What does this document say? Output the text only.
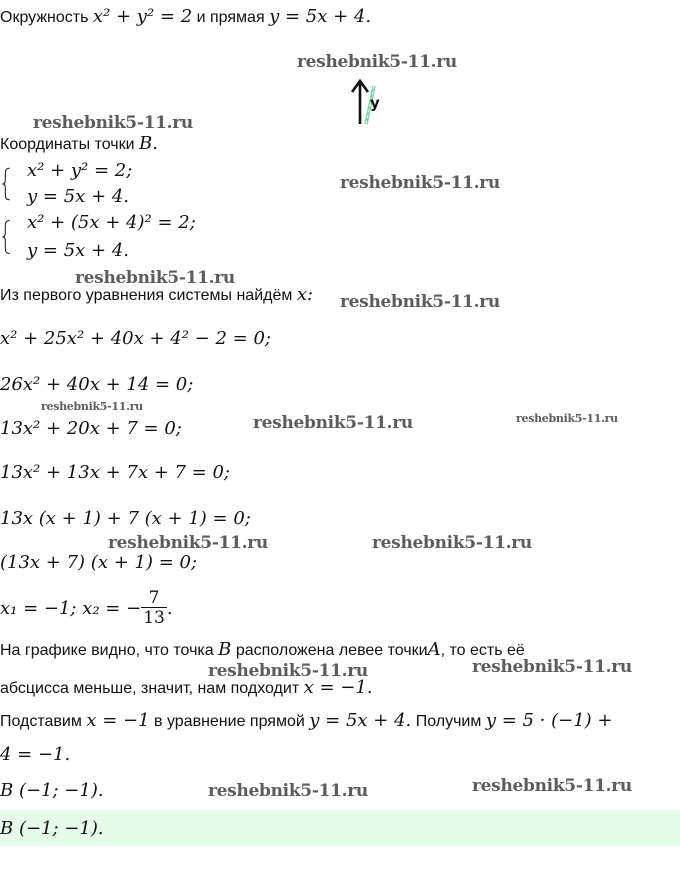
Окружность x² + y² = 2 и прямая y = 5x + 4.
y
Координаты точки B.
x² + y² = 2;
y = 5x + 4.
x² + (5x + 4)² = 2;
y = 5x + 4.
Из первого уравнения системы найдём x:
x² + 25x² + 40x + 4² − 2 = 0;
26x² + 40x + 14 = 0;
13x² + 20x + 7 = 0;
13x² + 13x + 7x + 7 = 0;
13x (x + 1) + 7 (x + 1) = 0;
(13x + 7) (x + 1) = 0;
x₁ = −1; x₂ = − $\frac{7}{13}$ .
На графике видно, что точка B расположена левее точкиA, то есть её
абсцисса меньше, значит, нам подходит x = −1.
Подставим x = −1 в уравнение прямой y = 5x + 4. Получим y = 5 · (−1) +
4 = −1.
B (−1; −1).
B (−1; −1).
reshebnik5-11.ru
reshebnik5-11.ru
reshebnik5-11.ru
reshebnik5-11.ru
reshebnik5-11.ru
reshebnik5-11.ru
reshebnik5-11.ru	reshebnik5-11.ru
reshebnik5-11.ru	reshebnik5-11.ru
reshebnik5-11.ru	reshebnik5-11.ru
reshebnik5-11.ru	reshebnik5-11.ru
